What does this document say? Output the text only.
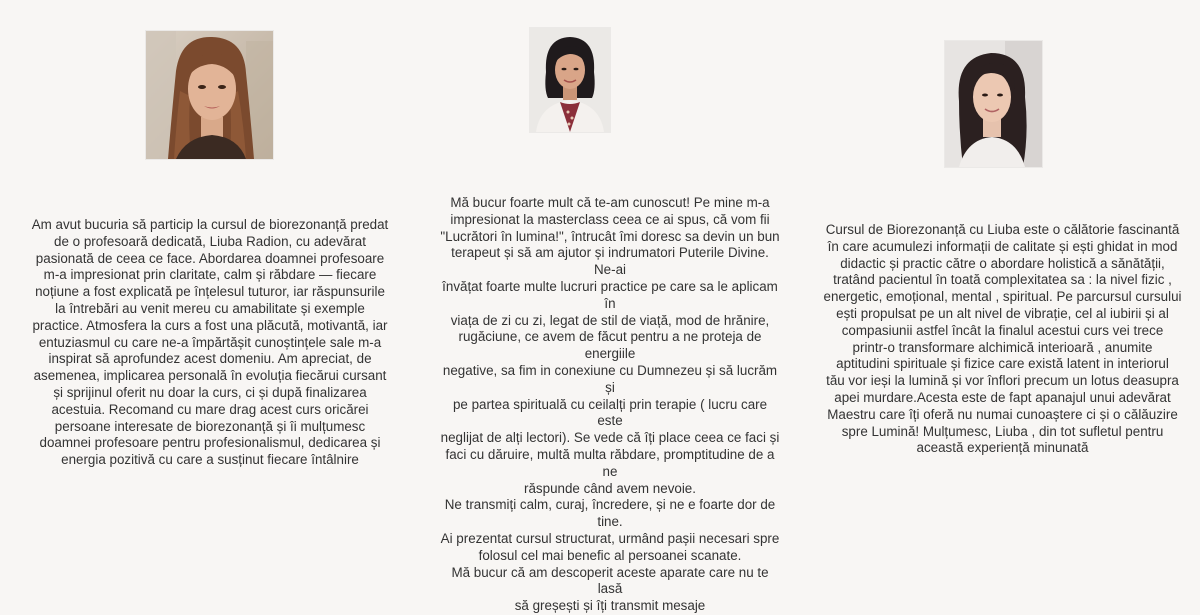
Am avut bucuria să particip la cursul de biorezonanță predat
de o profesoară dedicată, Liuba Radion, cu adevărat
pasionată de ceea ce face. Abordarea doamnei profesoare
m-a impresionat prin claritate, calm și răbdare — fiecare
noțiune a fost explicată pe înțelesul tuturor, iar răspunsurile
la întrebări au venit mereu cu amabilitate și exemple
practice. Atmosfera la curs a fost una plăcută, motivantă, iar
entuziasmul cu care ne-a împărtășit cunoștințele sale m-a
inspirat să aprofundez acest domeniu. Am apreciat, de
asemenea, implicarea personală în evoluția fiecărui cursant
și sprijinul oferit nu doar la curs, ci și după finalizarea
acestuia. Recomand cu mare drag acest curs oricărei
persoane interesate de biorezonanță și îi mulțumesc
doamnei profesoare pentru profesionalismul, dedicarea și
energia pozitivă cu care a susținut fiecare întâlnire
Mă bucur foarte mult că te-am cunoscut! Pe mine m-a
impresionat la masterclass ceea ce ai spus, că vom fii
"Lucrători în lumina!", întrucât îmi doresc sa devin un bun
terapeut și să am ajutor și indrumatori Puterile Divine. Ne-ai
învățat foarte multe lucruri practice pe care sa le aplicam în
viața de zi cu zi, legat de stil de viață, mod de hrănire,
rugăciune, ce avem de făcut pentru a ne proteja de energiile
negative, sa fim in conexiune cu Dumnezeu și să lucrăm și
pe partea spirituală cu ceilalți prin terapie ( lucru care este
neglijat de alți lectori). Se vede că îți place ceea ce faci și
faci cu dăruire, multă multa răbdare, promptitudine de a ne
răspunde când avem nevoie.
Ne transmiți calm, curaj, încredere, și ne e foarte dor de tine.
Ai prezentat cursul structurat, urmând pașii necesari spre
folosul cel mai benefic al persoanei scanate.
Mă bucur că am descoperit aceste aparate care nu te lasă
să greșești și îți transmit mesaje
Cursul de Biorezonanță cu Liuba este o călătorie fascinantă
în care acumulezi informații de calitate și ești ghidat in mod
didactic și practic către o abordare holistică a sănătății,
tratând pacientul în toată complexitatea sa : la nivel fizic ,
energetic, emoțional, mental , spiritual. Pe parcursul cursului
ești propulsat pe un alt nivel de vibrație, cel al iubirii și al
compasiunii astfel încât la finalul acestui curs vei trece
printr-o transformare alchimică interioară , anumite
aptitudini spirituale și fizice care există latent in interiorul
tău vor ieși la lumină și vor înflori precum un lotus deasupra
apei murdare.Acesta este de fapt apanajul unui adevărat
Maestru care îți oferă nu numai cunoaștere ci și o călăuzire
spre Lumină! Mulțumesc, Liuba , din tot sufletul pentru
această experiență minunată
